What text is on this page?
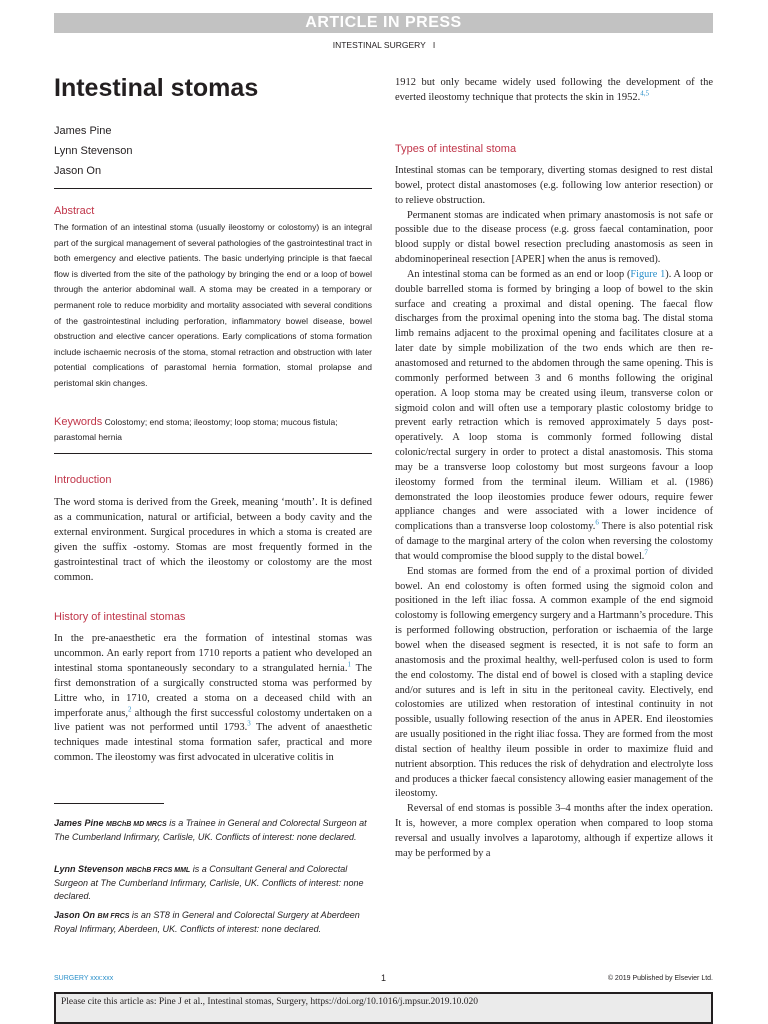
ARTICLE IN PRESS
INTESTINAL SURGERY I
Intestinal stomas
James Pine
Lynn Stevenson
Jason On
Abstract
The formation of an intestinal stoma (usually ileostomy or colostomy) is an integral part of the surgical management of several pathologies of the gastrointestinal tract in both emergency and elective patients. The basic underlying principle is that faecal flow is diverted from the site of the pathology by bringing the end or a loop of bowel through the anterior abdominal wall. A stoma may be created in a temporary or permanent role to reduce morbidity and mortality associated with several conditions of the gastrointestinal including perforation, inflammatory bowel disease, bowel obstruction and elective cancer operations. Early complications of stoma formation include ischaemic necrosis of the stoma, stomal retraction and obstruction with later potential complications of parastomal hernia formation, stomal prolapse and peristomal skin changes.
Keywords Colostomy; end stoma; ileostomy; loop stoma; mucous fistula; parastomal hernia
Introduction

The word stoma is derived from the Greek, meaning ‘mouth’. It is defined as a communication, natural or artificial, between a body cavity and the external environment. Surgical procedures in which a stoma is created are given the suffix -ostomy. Stomas are most frequently formed in the gastrointestinal tract of which the ileostomy or colostomy are the most common.

History of intestinal stomas

In the pre-anaesthetic era the formation of intestinal stomas was uncommon. An early report from 1710 reports a patient who developed an intestinal stoma spontaneously secondary to a strangulated hernia.$^1$ The first demonstration of a surgically constructed stoma was performed by Littre who, in 1710, created a stoma on a deceased child with an imperforate anus,$^2$ although the first successful colostomy undertaken on a live patient was not performed until 1793.$^3$ The advent of anaesthetic techniques made intestinal stoma formation safer, practical and more common. The ileostomy was first advocated in ulcerative colitis in

James Pine MBChB MD MRCS is a Trainee in General and Colorectal Surgeon at The Cumberland Infirmary, Carlisle, UK. Conflicts of interest: none declared.
Lynn Stevenson MBChB FRCS MML is a Consultant General and Colorectal Surgeon at The Cumberland Infirmary, Carlisle, UK. Conflicts of interest: none declared.
Jason On BM FRCS is an ST8 in General and Colorectal Surgery at Aberdeen Royal Infirmary, Aberdeen, UK. Conflicts of interest: none declared.

1912 but only became widely used following the development of the everted ileostomy technique that protects the skin in 1952.$^{4,5}$

Types of intestinal stoma

Intestinal stomas can be temporary, diverting stomas designed to rest distal bowel, protect distal anastomoses (e.g. following low anterior resection) or to relieve obstruction.

Permanent stomas are indicated when primary anastomosis is not safe or possible due to the disease process (e.g. gross faecal contamination, poor blood supply or distal bowel resection precluding anastomosis as seen in abdominoperineal resection [APER] when the anus is removed).

An intestinal stoma can be formed as an end or loop (Figure 1). A loop or double barrelled stoma is formed by bringing a loop of bowel to the skin surface and creating a proximal and distal opening. The faecal flow discharges from the proximal opening into the stoma bag. The distal stoma limb remains adjacent to the proximal opening and facilitates closure at a later date by simple mobilization of the two ends which are then re-anastomosed and returned to the abdomen through the same opening. This is commonly performed between 3 and 6 months following the original operation. A loop stoma may be created using ileum, transverse colon or sigmoid colon and will often use a temporary plastic colostomy bridge to prevent early retraction which is removed approximately 5 days post-operatively. A loop stoma is commonly formed following distal colonic/rectal surgery in order to protect a distal anastomosis. This stoma may be a transverse loop colostomy but most surgeons favour a loop ileostomy formed from the terminal ileum. William et al. (1986) demonstrated the loop ileostomies produce fewer odours, require fewer appliance changes and were associated with a lower incidence of complications than a transverse loop colostomy.$^6$ There is also potential risk of damage to the marginal artery of the colon when reversing the colostomy that would compromise the blood supply to the distal bowel.$^7$

End stomas are formed from the end of a proximal portion of divided bowel. An end colostomy is often formed using the sigmoid colon and positioned in the left iliac fossa. A common example of the end sigmoid colostomy is following emergency surgery and a Hartmann’s procedure. This is performed following obstruction, perforation or ischaemia of the large bowel when the diseased segment is resected, it is not safe to form an anastomosis and the proximal healthy, well-perfused colon is used to form the end colostomy. The distal end of bowel is closed with a stapling device and/or sutures and is left in situ in the peritoneal cavity. Electively, end colostomies are utilized when restoration of intestinal continuity in not possible, usually following resection of the anus in APER. End ileostomies are usually positioned in the right iliac fossa. They are formed from the most distal section of healthy ileum possible in order to maximize fluid and nutrient absorption. This reduces the risk of dehydration and electrolyte loss and produces a thicker faecal consistency allowing easier management of the ileostomy.

Reversal of end stomas is possible 3–4 months after the index operation. It is, however, a more complex operation when compared to loop stoma reversal and usually involves a laparotomy, although if expertize allows it may be performed by a

SURGERY xxx:xxx	1	© 2019 Published by Elsevier Ltd.
Please cite this article as: Pine J et al., Intestinal stomas, Surgery, https://doi.org/10.1016/j.mpsur.2019.10.020
